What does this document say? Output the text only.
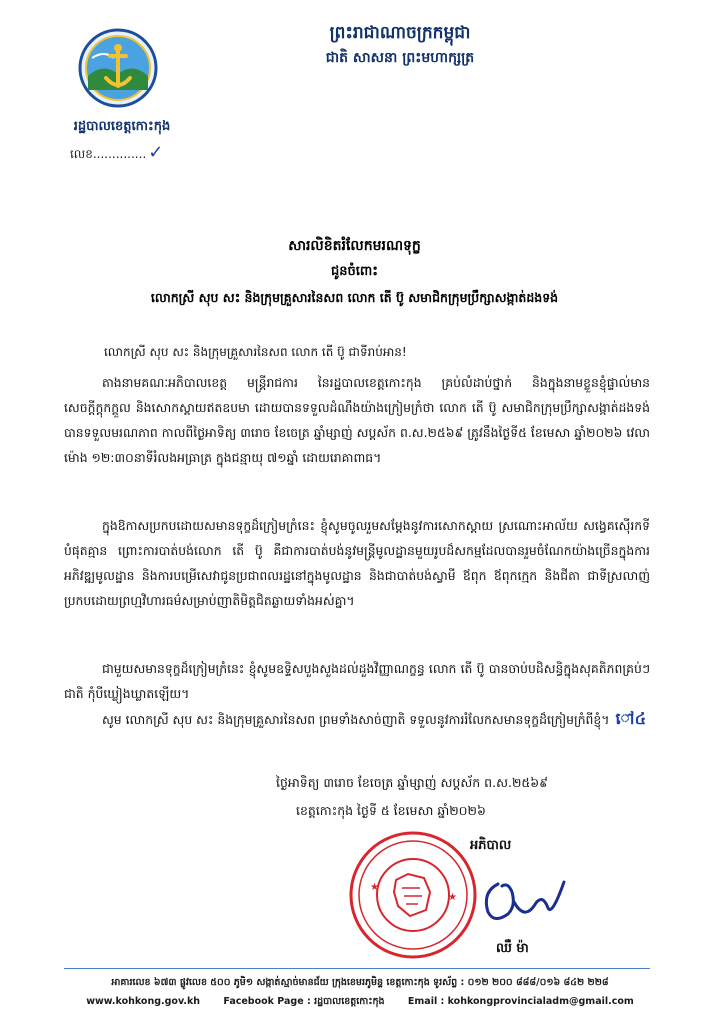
ព្រះរាជាណាចក្រកម្ពុជា
ជាតិ សាសនា ព្រះមហាក្សត្រ
រដ្ឋបាលខេត្តកោះកុង
លេខ.............. ✓
សារលិខិតរំលែកមរណទុក្ខ
ជូនចំពោះ
លោកស្រី សុប សះ និងក្រុមគ្រួសារនៃសព លោក តើ ប៊ូ សមាជិកក្រុមប្រឹក្សាសង្កាត់ដងទង់
លោកស្រី សុប សះ និងក្រុមគ្រួសារនៃសព លោក តើ ប៊ូ ជាទីរាប់អាន!
តាងនាមគណៈអភិបាលខេត្ត មន្ត្រីរាជការ នៃរដ្ឋបាលខេត្តកោះកុង គ្រប់លំដាប់ថ្នាក់ និងក្នុងនាមខ្លួនខ្ញុំផ្ទាល់មានសេចក្តីក្តុកក្តួល និងសោកស្តាយឥតឧបមា ដោយបានទទួលដំណឹងយ៉ាងក្រៀមក្រំថា លោក តើ ប៊ូ សមាជិកក្រុមប្រឹក្សាសង្កាត់ដងទង់ បានទទួលមរណភាព កាលពីថ្ងៃអាទិត្យ ៣រោច ខែចេត្រ ឆ្នាំម្សាញ់ សប្តស័ក ព.ស.២៥៦៩ ត្រូវនឹងថ្ងៃទី៥ ខែមេសា ឆ្នាំ២០២៦ វេលាម៉ោង ១២:៣០នាទីរំលងអធ្រាត្រ ក្នុងជន្មាយុ ៧១ឆ្នាំ ដោយរោគាពាធ។
ក្នុងឱកាសប្រកបដោយសមានទុក្ខដ៏ក្រៀមក្រំនេះ ខ្ញុំសូមចូលរួមសម្តែងនូវការសោកស្តាយ ស្រណោះអាល័យ សង្វេគស៊ើរកទីបំផុតគ្មាន ព្រោះការបាត់បង់លោក តើ ប៊ូ គឺជាការបាត់បង់នូវមន្ត្រីមូលដ្ឋានមួយរូបដ៏សកម្មដែលបានរួមចំណែកយ៉ាងច្រើនក្នុងការអភិវឌ្ឍមូលដ្ឋាន និងការបម្រើសេវាជូនប្រជាពលរដ្ឋនៅក្នុងមូលដ្ឋាន និងជាបាត់បង់ស្វាមី ឪពុក ឪពុកក្មេក និងជីតា ជាទីស្រលាញ់ប្រកបដោយព្រហ្មវិហារធម៌សម្រាប់ញាតិមិត្តជិតឆ្ងាយទាំងអស់គ្នា។
ជាមួយសមានទុក្ខដ៏ក្រៀមក្រំនេះ ខ្ញុំសូមឧទ្ទិសបួងសួងដល់ដួងវិញ្ញាណក្ខន្ធ លោក តើ ប៊ូ បានចាប់បដិសន្ធិក្នុងសុគតិភពគ្រប់ៗជាតិ កុំបីឃ្លៀងឃ្លាតឡើយ។
សូម លោកស្រី សុប សះ និងក្រុមគ្រួសារនៃសព ព្រមទាំងសាច់ញាតិ ទទួលនូវការរំលែកសមានទុក្ខដ៏ក្រៀមក្រំពីខ្ញុំ។ ៅ៤
ថ្ងៃអាទិត្យ ៣រោច ខែចេត្រ ឆ្នាំម្សាញ់ សប្តស័ក ព.ស.២៥៦៩
ខេត្តកោះកុង ថ្ងៃទី ៥ ខែមេសា ឆ្នាំ២០២៦
★
★
អភិបាល
ឈឺ ម៉ា
អាគារលេខ ៦៧៣ ផ្លូវលេខ ៥០០ ភូមិ១ សង្កាត់ស្មាច់មានជ័យ ក្រុងខេមរភូមិន្ទ ខេត្តកោះកុង ទូរស័ព្ទ : ០១២ ២០០ ៨៨៨/០១៦ ៨៤២ ២២៨
www.kohkong.gov.kh Facebook Page : រដ្ឋបាលខេត្តកោះកុង Email : kohkongprovincialadm@gmail.com
